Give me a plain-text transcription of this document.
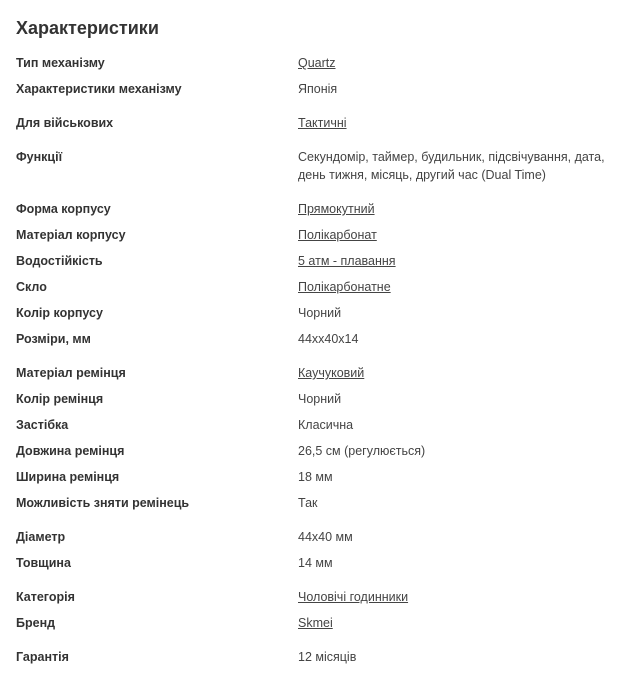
Характеристики
Тип механізму	Quartz
Характеристики механізму	Японія
Для військових	Тактичні
Функції	Секундомір, таймер, будильник, підсвічування, дата, день тижня, місяць, другий час (Dual Time)
Форма корпусу	Прямокутний
Матеріал корпусу	Полікарбонат
Водостійкість	5 атм - плавання
Скло	Полікарбонатне
Колір корпусу	Чорний
Розміри, мм	44хх40х14
Матеріал ремінця	Каучуковий
Колір ремінця	Чорний
Застібка	Класична
Довжина ремінця	26,5 см (регулюється)
Ширина ремінця	18 мм
Можливість зняти ремінець	Так
Діаметр	44х40 мм
Товщина	14 мм
Категорія	Чоловічі годинники
Бренд	Skmei
Гарантія	12 місяців
